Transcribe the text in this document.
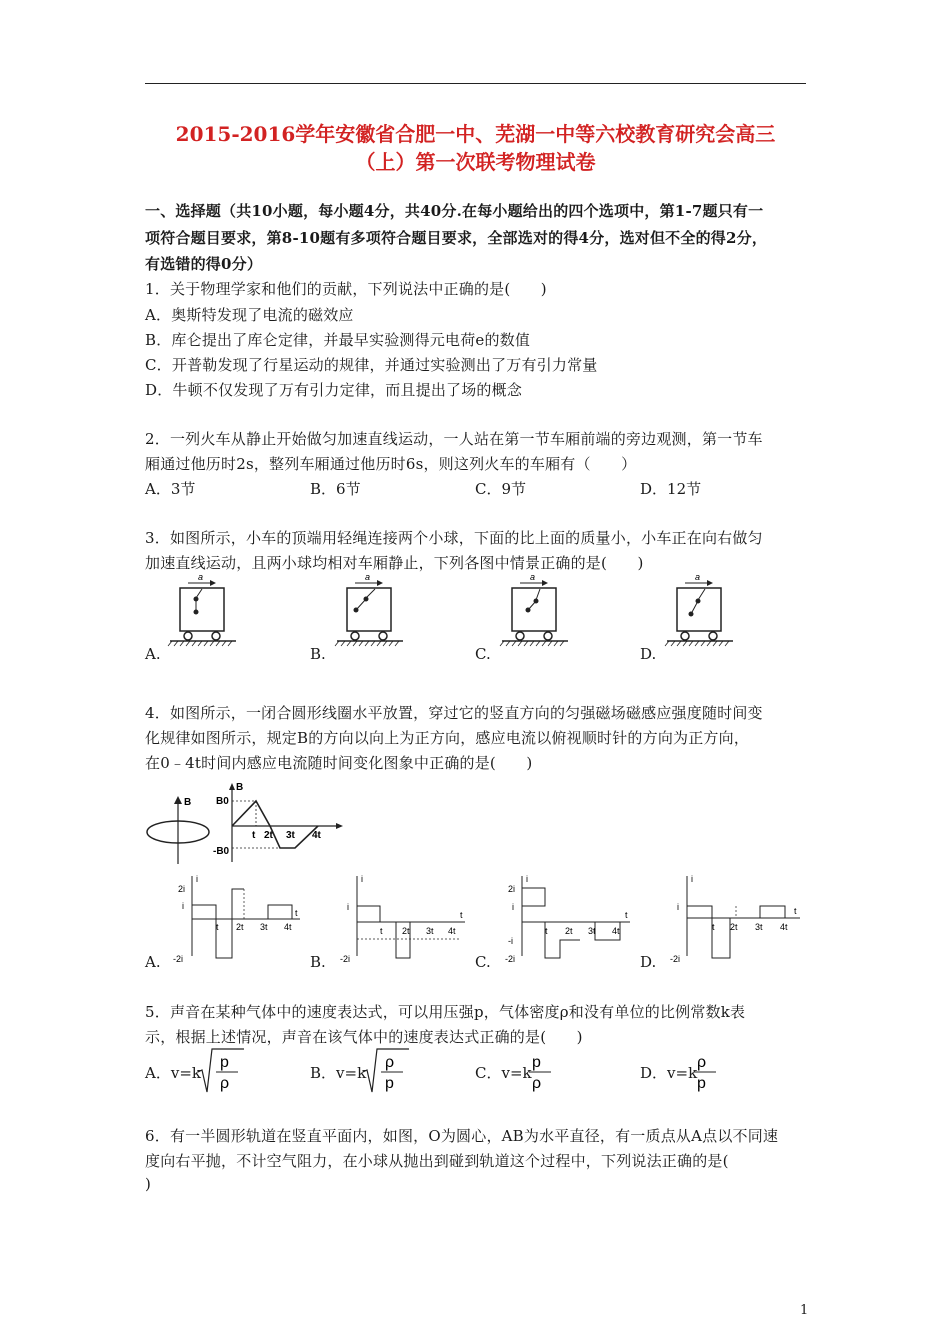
2015-2016学年安徽省合肥一中、芜湖一中等六校教育研究会高三
（上）第一次联考物理试卷
一、选择题（共10小题，每小题4分，共40分.在每小题给出的四个选项中，第1-7题只有一
项符合题目要求，第8-10题有多项符合题目要求，全部选对的得4分，选对但不全的得2分，
有选错的得0分）
1．关于物理学家和他们的贡献，下列说法中正确的是(　　)
A．奥斯特发现了电流的磁效应
B．库仑提出了库仑定律，并最早实验测得元电荷e的数值
C．开普勒发现了行星运动的规律，并通过实验测出了万有引力常量
D．牛顿不仅发现了万有引力定律，而且提出了场的概念
2．一列火车从静止开始做匀加速直线运动，一人站在第一节车厢前端的旁边观测，第一节车
厢通过他历时2s，整列车厢通过他历时6s，则这列火车的车厢有（　　）
A．3节	B．6节	C．9节	D．12节
3．如图所示，小车的顶端用轻绳连接两个小球，下面的比上面的质量小，小车正在向右做匀
加速直线运动，且两小球均相对车厢静止，下列各图中情景正确的是(　　)
a	a	a	a
A.	B.	C.	D.
4．如图所示，一闭合圆形线圈水平放置，穿过它的竖直方向的匀强磁场磁感应强度随时间变
化规律如图所示，规定B的方向以向上为正方向，感应电流以俯视顺时针的方向为正方向，
在0﹣4t时间内感应电流随时间变化图象中正确的是(　　)
B
B
B0
-B0
t 2t 3t 4t
i
t
2i
i
-2i
t 2t 3t 4t
i
t
i
-2i
t 2t 3t 4t
i
t
2i
i
-i
-2i
t 2t 3t 4t
i
t
i
-2i
t 2t 3t 4t
A.	B.	C.	D.
5．声音在某种气体中的速度表达式，可以用压强p，气体密度ρ和没有单位的比例常数k表
示，根据上述情况，声音在该气体中的速度表达式正确的是(　　)
A．v=k
p
ρ
B．v=k
ρ
p
C．v=k
p
ρ
D．v=k
ρ
p
6．有一半圆形轨道在竖直平面内，如图，O为圆心，AB为水平直径，有一质点从A点以不同速
度向右平抛，不计空气阻力，在小球从抛出到碰到轨道这个过程中，下列说法正确的是(
)
1
